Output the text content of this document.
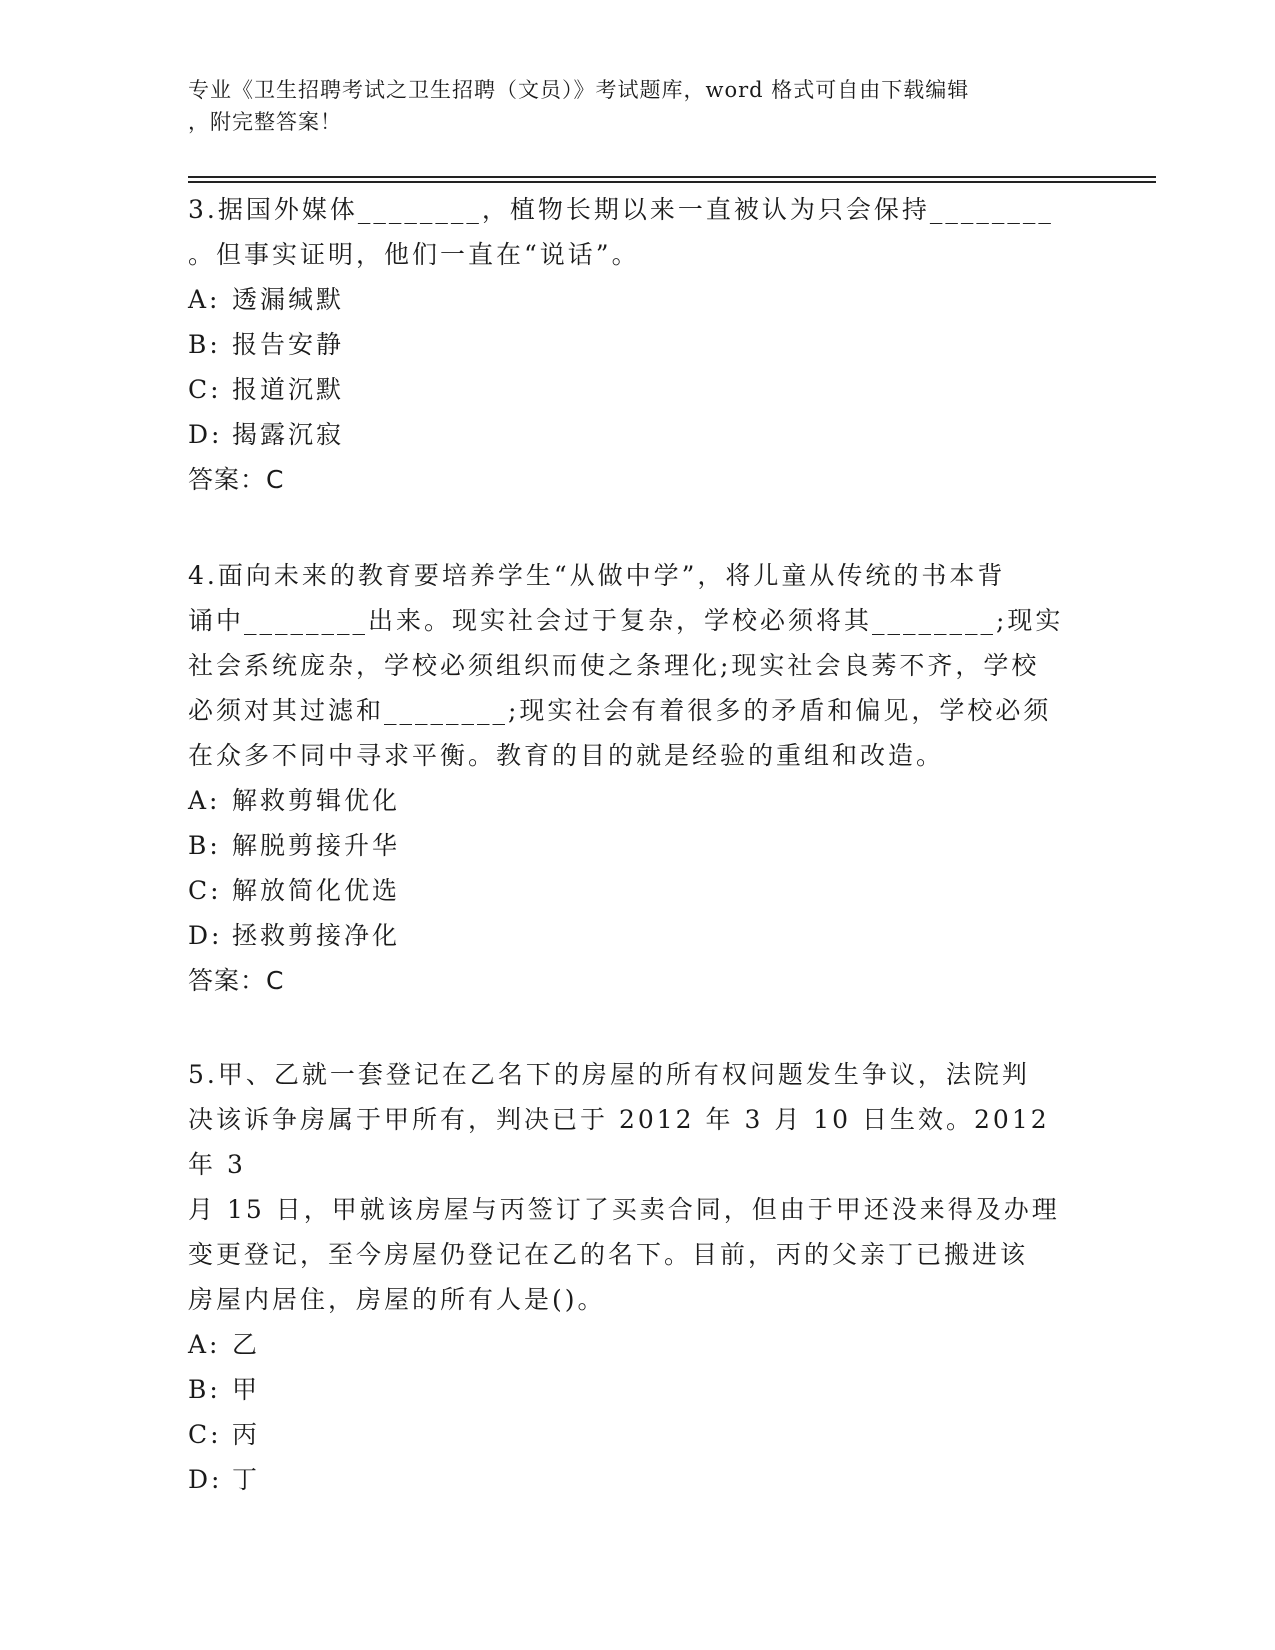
专业《卫生招聘考试之卫生招聘（文员）》考试题库，word 格式可自由下载编辑
，附完整答案！
3.据国外媒体________，植物长期以来一直被认为只会保持________
。但事实证明，他们一直在“说话”。
A: 透漏缄默
B: 报告安静
C: 报道沉默
D: 揭露沉寂
答案：C
4.面向未来的教育要培养学生“从做中学”，将儿童从传统的书本背
诵中________出来。现实社会过于复杂，学校必须将其________;现实
社会系统庞杂，学校必须组织而使之条理化;现实社会良莠不齐，学校
必须对其过滤和________;现实社会有着很多的矛盾和偏见，学校必须
在众多不同中寻求平衡。教育的目的就是经验的重组和改造。
A: 解救剪辑优化
B: 解脱剪接升华
C: 解放简化优选
D: 拯救剪接净化
答案：C
5.甲、乙就一套登记在乙名下的房屋的所有权问题发生争议，法院判
决该诉争房属于甲所有，判决已于 2012 年 3 月 10 日生效。2012 年 3
月 15 日，甲就该房屋与丙签订了买卖合同，但由于甲还没来得及办理
变更登记，至今房屋仍登记在乙的名下。目前，丙的父亲丁已搬进该
房屋内居住，房屋的所有人是()。
A: 乙
B: 甲
C: 丙
D: 丁
